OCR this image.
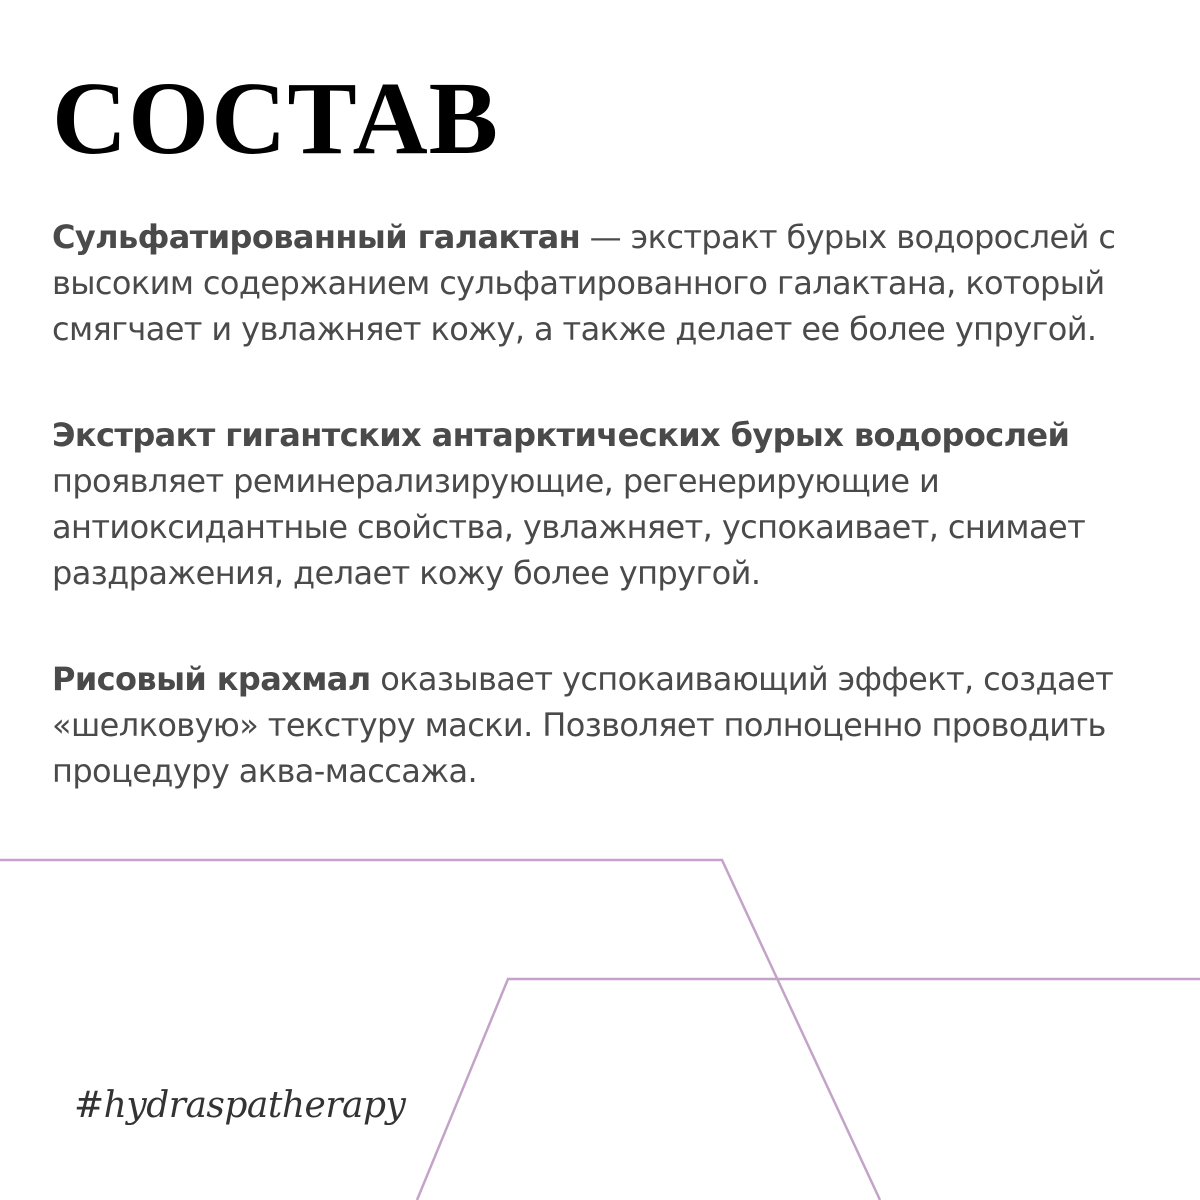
СОСТАВ

Сульфатированный галактан — экстракт бурых водорослей с высоким содержанием сульфатированного галактана, который смягчает и увлажняет кожу, а также делает ее более упругой.

Экстракт гигантских антарктических бурых водорослей проявляет реминерализирующие, регенерирующие и антиоксидантные свойства, увлажняет, успокаивает, снимает раздражения, делает кожу более упругой.

Рисовый крахмал оказывает успокаивающий эффект, создает «шелковую» текстуру маски. Позволяет полноценно проводить процедуру аква-массажа.

#hydraspatherapy
